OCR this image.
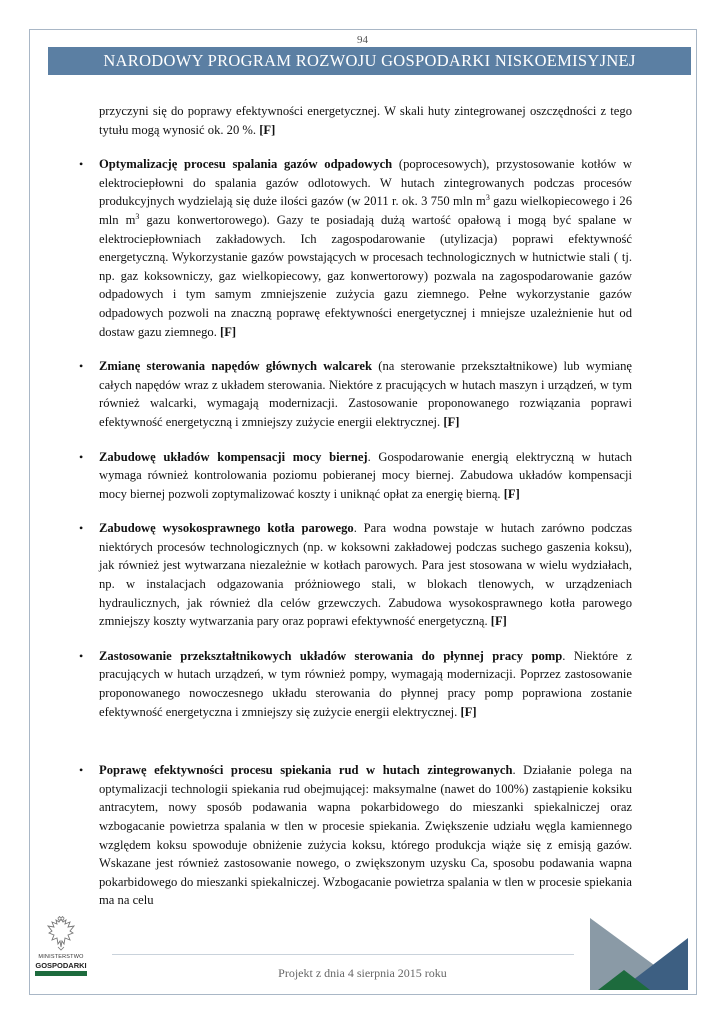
94
NARODOWY PROGRAM ROZWOJU GOSPODARKI NISKOEMISYJNEJ

przyczyni się do poprawy efektywności energetycznej. W skali huty zintegrowanej oszczędności z tego tytułu mogą wynosić ok. 20 %. [F]

• Optymalizację procesu spalania gazów odpadowych (poprocesowych), przystosowanie kotłów w elektrociepłowni do spalania gazów odlotowych. W hutach zintegrowanych podczas procesów produkcyjnych wydzielają się duże ilości gazów (w 2011 r. ok. 3 750 mln $m^3$ gazu wielkopiecowego i 26 mln $m^3$ gazu konwertorowego). Gazy te posiadają dużą wartość opałową i mogą być spalane w elektrociepłowniach zakładowych. Ich zagospodarowanie (utylizacja) poprawi efektywność energetyczną. Wykorzystanie gazów powstających w procesach technologicznych w hutnictwie stali ( tj. np. gaz koksowniczy, gaz wielkopiecowy, gaz konwertorowy) pozwala na zagospodarowanie gazów odpadowych i tym samym zmniejszenie zużycia gazu ziemnego. Pełne wykorzystanie gazów odpadowych pozwoli na znaczną poprawę efektywności energetycznej i mniejsze uzależnienie hut od dostaw gazu ziemnego. [F]

• Zmianę sterowania napędów głównych walcarek (na sterowanie przekształtnikowe) lub wymianę całych napędów wraz z układem sterowania. Niektóre z pracujących w hutach maszyn i urządzeń, w tym również walcarki, wymagają modernizacji. Zastosowanie proponowanego rozwiązania poprawi efektywność energetyczną i zmniejszy zużycie energii elektrycznej. [F]

• Zabudowę układów kompensacji mocy biernej. Gospodarowanie energią elektryczną w hutach wymaga również kontrolowania poziomu pobieranej mocy biernej. Zabudowa układów kompensacji mocy biernej pozwoli zoptymalizować koszty i uniknąć opłat za energię bierną. [F]

• Zabudowę wysokosprawnego kotła parowego. Para wodna powstaje w hutach zarówno podczas niektórych procesów technologicznych (np. w koksowni zakładowej podczas suchego gaszenia koksu), jak również jest wytwarzana niezależnie w kotłach parowych. Para jest stosowana w wielu wydziałach, np. w instalacjach odgazowania próżniowego stali, w blokach tlenowych, w urządzeniach hydraulicznych, jak również dla celów grzewczych. Zabudowa wysokosprawnego kotła parowego zmniejszy koszty wytwarzania pary oraz poprawi efektywność energetyczną. [F]

• Zastosowanie przekształtnikowych układów sterowania do płynnej pracy pomp. Niektóre z pracujących w hutach urządzeń, w tym również pompy, wymagają modernizacji. Poprzez zastosowanie proponowanego nowoczesnego układu sterowania do płynnej pracy pomp poprawiona zostanie efektywność energetyczna i zmniejszy się zużycie energii elektrycznej. [F]

• Poprawę efektywności procesu spiekania rud w hutach zintegrowanych. Działanie polega na optymalizacji technologii spiekania rud obejmującej: maksymalne (nawet do 100%) zastąpienie koksiku antracytem, nowy sposób podawania wapna pokarbidowego do mieszanki spiekalniczej oraz wzbogacanie powietrza spalania w tlen w procesie spiekania. Zwiększenie udziału węgla kamiennego względem koksu spowoduje obniżenie zużycia koksu, którego produkcja wiąże się z emisją gazów. Wskazane jest również zastosowanie nowego, o zwiększonym uzysku Ca, sposobu podawania wapna pokarbidowego do mieszanki spiekalniczej. Wzbogacanie powietrza spalania w tlen w procesie spiekania ma na celu

MINISTERSTWO
GOSPODARKI
Projekt z dnia 4 sierpnia 2015 roku
